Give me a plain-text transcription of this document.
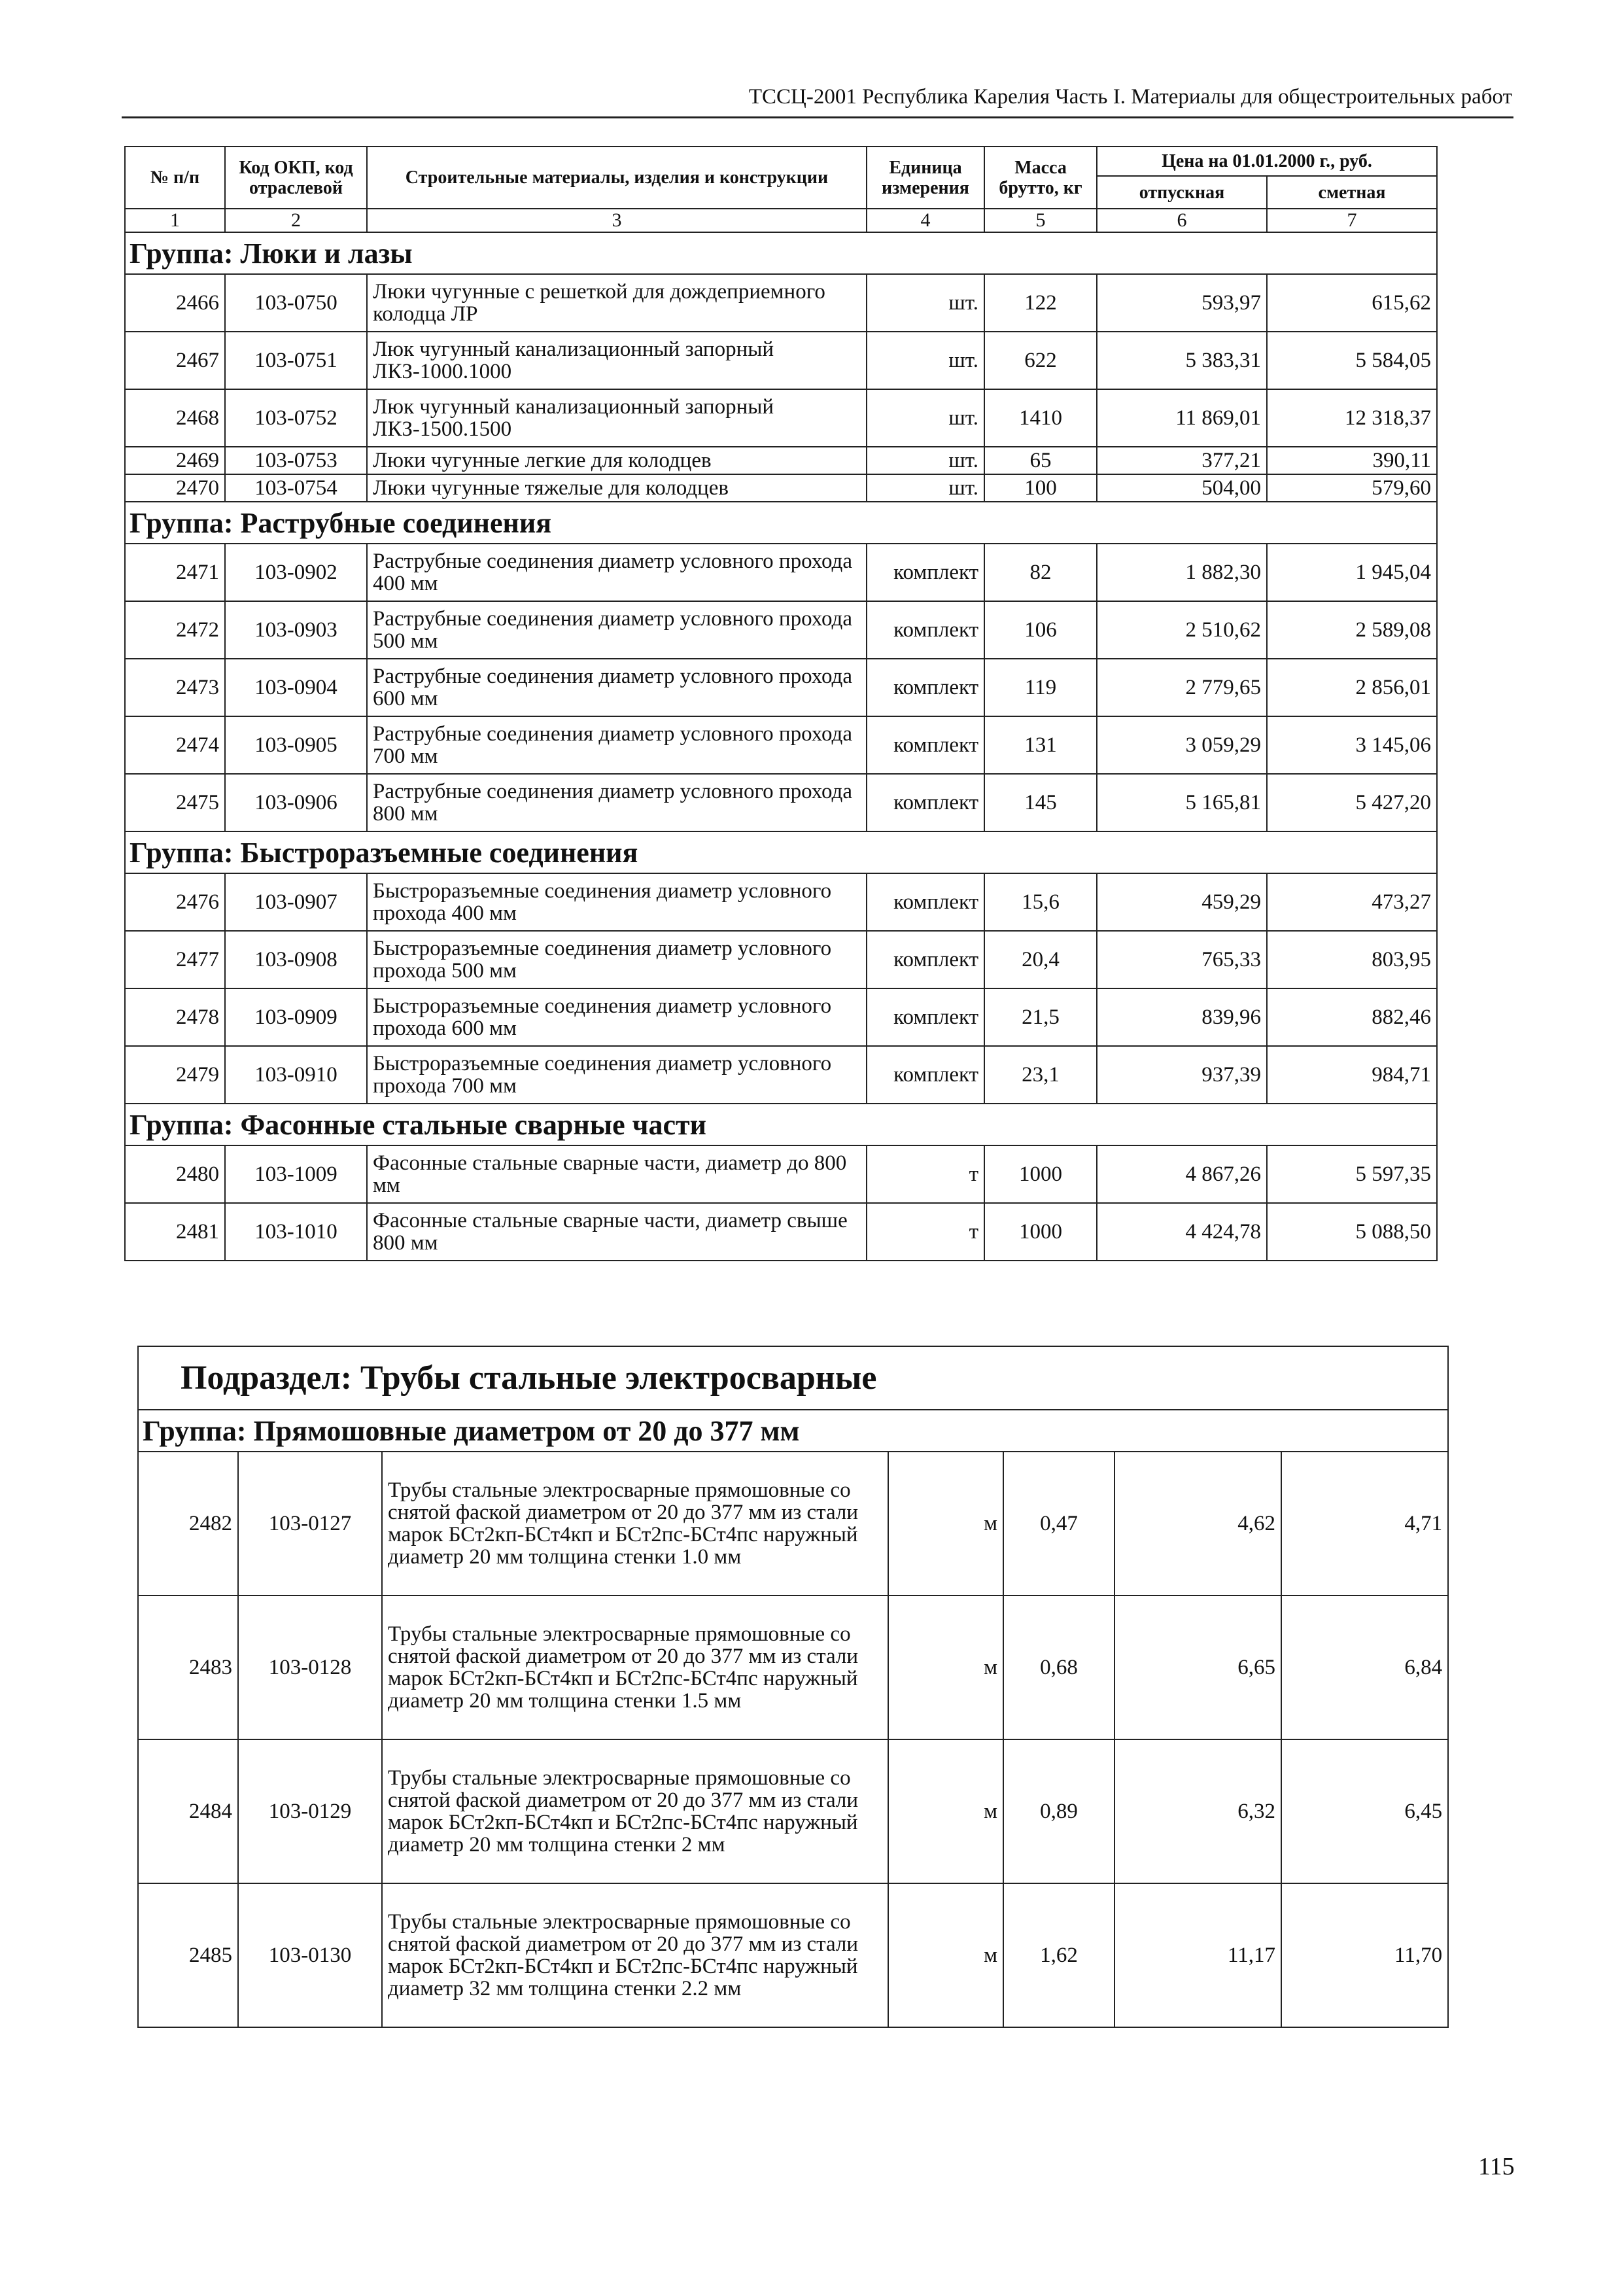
ТССЦ-2001 Республика Карелия Часть I. Материалы для общестроительных работ
№ п/п	Код ОКП, код отраслевой	Строительные материалы, изделия и конструкции	Единица измерения	Масса брутто, кг	Цена на 01.01.2000 г., руб.	
					отпускная	сметная
1	2	3	4	5	6	7
Группа: Люки и лазы						
2466	103-0750	Люки чугунные с решеткой для дождеприемного колодца ЛР	шт.	122	593,97	615,62
2467	103-0751	Люк чугунный канализационный запорный ЛКЗ-1000.1000	шт.	622	5 383,31	5 584,05
2468	103-0752	Люк чугунный канализационный запорный ЛКЗ-1500.1500	шт.	1410	11 869,01	12 318,37
2469	103-0753	Люки чугунные легкие для колодцев	шт.	65	377,21	390,11
2470	103-0754	Люки чугунные тяжелые для колодцев	шт.	100	504,00	579,60
Группа: Раструбные соединения						
2471	103-0902	Раструбные соединения диаметр условного прохода 400 мм	комплект	82	1 882,30	1 945,04
2472	103-0903	Раструбные соединения диаметр условного прохода 500 мм	комплект	106	2 510,62	2 589,08
2473	103-0904	Раструбные соединения диаметр условного прохода 600 мм	комплект	119	2 779,65	2 856,01
2474	103-0905	Раструбные соединения диаметр условного прохода 700 мм	комплект	131	3 059,29	3 145,06
2475	103-0906	Раструбные соединения диаметр условного прохода 800 мм	комплект	145	5 165,81	5 427,20
Группа: Быстроразъемные соединения						
2476	103-0907	Быстроразъемные соединения диаметр условного прохода 400 мм	комплект	15,6	459,29	473,27
2477	103-0908	Быстроразъемные соединения диаметр условного прохода 500 мм	комплект	20,4	765,33	803,95
2478	103-0909	Быстроразъемные соединения диаметр условного прохода 600 мм	комплект	21,5	839,96	882,46
2479	103-0910	Быстроразъемные соединения диаметр условного прохода 700 мм	комплект	23,1	937,39	984,71
Группа: Фасонные стальные сварные части						
2480	103-1009	Фасонные стальные сварные части, диаметр до 800 мм	т	1000	4 867,26	5 597,35
2481	103-1010	Фасонные стальные сварные части, диаметр свыше 800 мм	т	1000	4 424,78	5 088,50
Подраздел: Трубы стальные электросварные						
Группа: Прямошовные диаметром от 20 до 377 мм						
2482	103-0127	Трубы стальные электросварные прямошовные со снятой фаской диаметром от 20 до 377 мм из стали марок БСт2кп-БСт4кп и БСт2пс-БСт4пс наружный диаметр 20 мм толщина стенки 1.0 мм	м	0,47	4,62	4,71
2483	103-0128	Трубы стальные электросварные прямошовные со снятой фаской диаметром от 20 до 377 мм из стали марок БСт2кп-БСт4кп и БСт2пс-БСт4пс наружный диаметр 20 мм толщина стенки 1.5 мм	м	0,68	6,65	6,84
2484	103-0129	Трубы стальные электросварные прямошовные со снятой фаской диаметром от 20 до 377 мм из стали марок БСт2кп-БСт4кп и БСт2пс-БСт4пс наружный диаметр 20 мм толщина стенки 2 мм	м	0,89	6,32	6,45
2485	103-0130	Трубы стальные электросварные прямошовные со снятой фаской диаметром от 20 до 377 мм из стали марок БСт2кп-БСт4кп и БСт2пс-БСт4пс наружный диаметр 32 мм толщина стенки 2.2 мм	м	1,62	11,17	11,70
115
